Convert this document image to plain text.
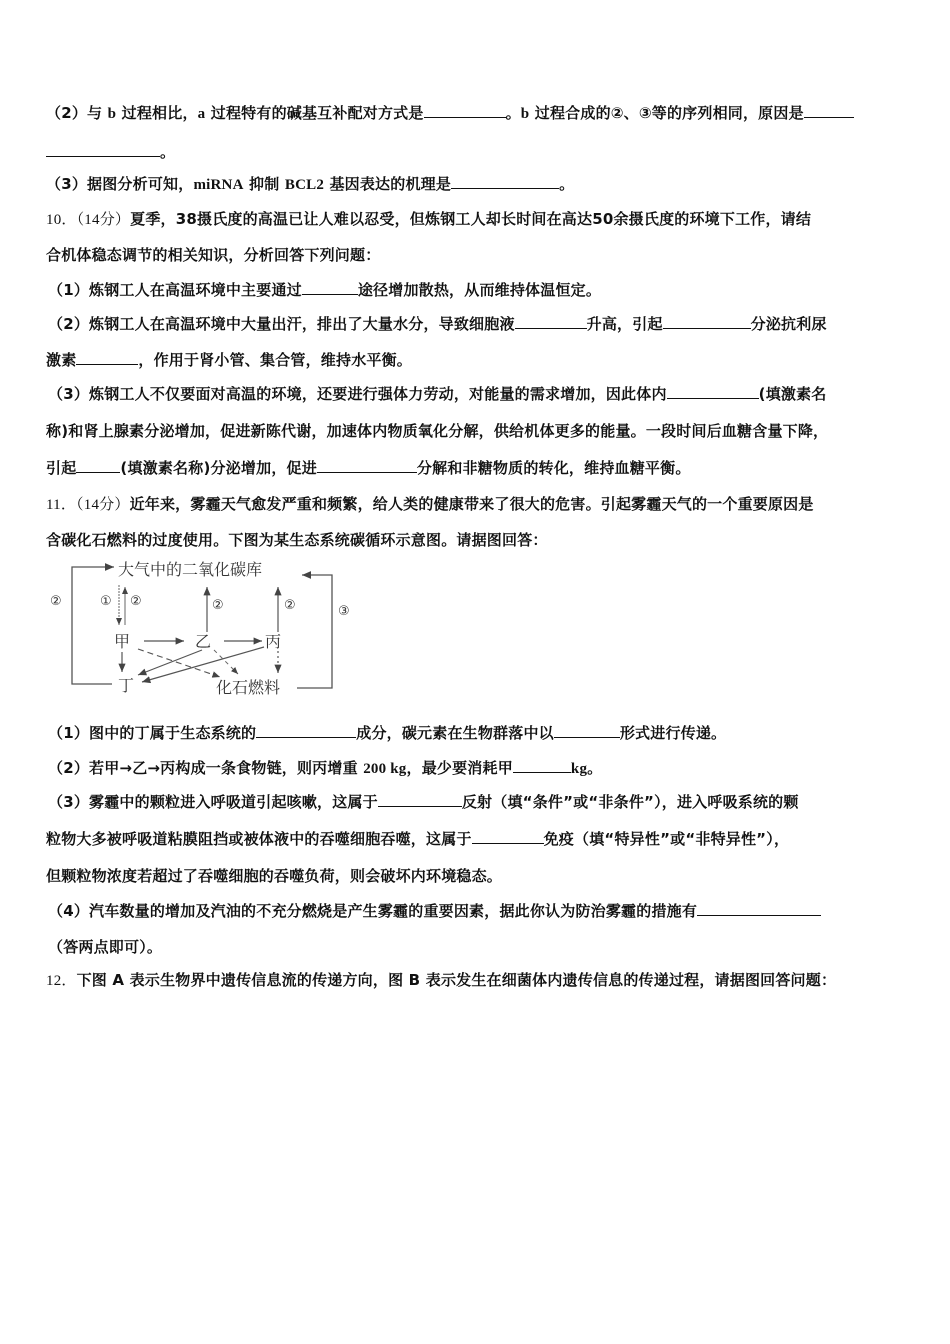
（2）与 b 过程相比，a 过程特有的碱基互补配对方式是	。b 过程合成的②、③等的序列相同，原因是
。
（3）据图分析可知，miRNA 抑制 BCL2 基因表达的机理是	。
10．（14分）夏季，38摄氏度的高温已让人难以忍受，但炼钢工人却长时间在高达50余摄氏度的环境下工作，请结
合机体稳态调节的相关知识，分析回答下列问题：
（1）炼钢工人在高温环境中主要通过	途径增加散热，从而维持体温恒定。
（2）炼钢工人在高温环境中大量出汗，排出了大量水分，导致细胞液	升高，引起	分泌抗利尿
激素	，作用于肾小管、集合管，维持水平衡。
（3）炼钢工人不仅要面对高温的环境，还要进行强体力劳动，对能量的需求增加，因此体内	(填激素名
称)和肾上腺素分泌增加，促进新陈代谢，加速体内物质氧化分解，供给机体更多的能量。一段时间后血糖含量下降，
引起	(填激素名称)分泌增加，促进	分解和非糖物质的转化，维持血糖平衡。
11．（14分）近年来，雾霾天气愈发严重和频繁，给人类的健康带来了很大的危害。引起雾霾天气的一个重要原因是
含碳化石燃料的过度使用。下图为某生态系统碳循环示意图。请据图回答：
大气中的二氧化碳库
甲	乙	丙
丁	化石燃料
②	① ②	②	②	③
（1）图中的丁属于生态系统的	成分，碳元素在生物群落中以	形式进行传递。
（2）若甲→乙→丙构成一条食物链，则丙增重 200 kg，最少要消耗甲	kg。
（3）雾霾中的颗粒进入呼吸道引起咳嗽，这属于	反射（填“条件”或“非条件”），进入呼吸系统的颗
粒物大多被呼吸道粘膜阻挡或被体液中的吞噬细胞吞噬，这属于	免疫（填“特异性”或“非特异性”），
但颗粒物浓度若超过了吞噬细胞的吞噬负荷，则会破坏内环境稳态。
（4）汽车数量的增加及汽油的不充分燃烧是产生雾霾的重要因素，据此你认为防治雾霾的措施有
（答两点即可）。
12．下图 A 表示生物界中遗传信息流的传递方向，图 B 表示发生在细菌体内遗传信息的传递过程，请据图回答问题：
